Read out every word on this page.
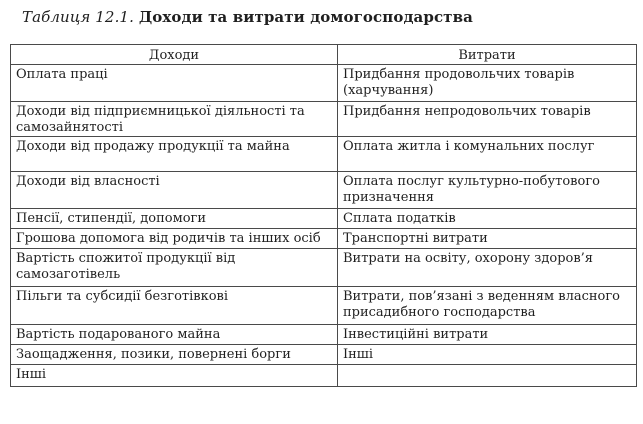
Таблиця 12.1. Доходи та витрати домогосподарства
Доходи	Витрати
Оплата праці	Придбання продовольчих товарів (харчування)
Доходи від підприємницької діяльності та самозайнятості	Придбання непродовольчих товарів
Доходи від продажу продукції та майна	Оплата житла і комунальних послуг
Доходи від власності	Оплата послуг культурно-побутового призначення
Пенсії, стипендії, допомоги	Сплата податків
Грошова допомога від родичів та інших осіб	Транспортні витрати
Вартість спожитої продукції від самозаготівель	Витрати на освіту, охорону здоров’я
Пільги та субсидії безготівкові	Витрати, пов’язані з веденням власного присадибного господарства
Вартість подарованого майна	Інвестиційні витрати
Заощадження, позики, повернені борги	Інші
Інші	
